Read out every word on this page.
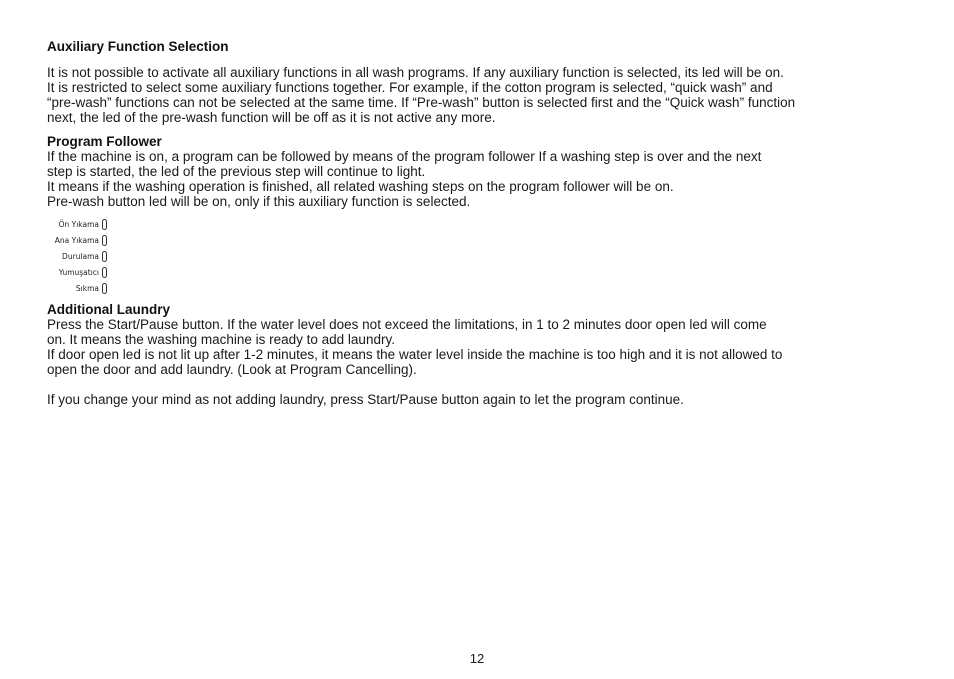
Auxiliary Function Selection

It is not possible to activate all auxiliary functions in all wash programs. If any auxiliary function is selected, its led will be on.

It is restricted to select some auxiliary functions together. For example, if the cotton program is selected, “quick wash” and

“pre-wash” functions can not be selected at the same time. If “Pre-wash” button is selected first and the “Quick wash” function

next, the led of the pre-wash function will be off as it is not active any more.

Program Follower

If the machine is on, a program can be followed by means of the program follower If a washing step is over and the next

step is started, the led of the previous step will continue to light.

It means if the washing operation is finished, all related washing steps on the program follower will be on.

Pre-wash button led will be on, only if this auxiliary function is selected.

Ön Yıkama
Ana Yıkama
Durulama
Yumuşatıcı
Sıkma
Additional Laundry

Press the Start/Pause button. If the water level does not exceed the limitations, in 1 to 2 minutes door open led will come

on. It means the washing machine is ready to add laundry.

If door open led is not lit up after 1-2 minutes, it means the water level inside the machine is too high and it is not allowed to

open the door and add laundry. (Look at Program Cancelling).

If you change your mind as not adding laundry, press Start/Pause button again to let the program continue.

12
